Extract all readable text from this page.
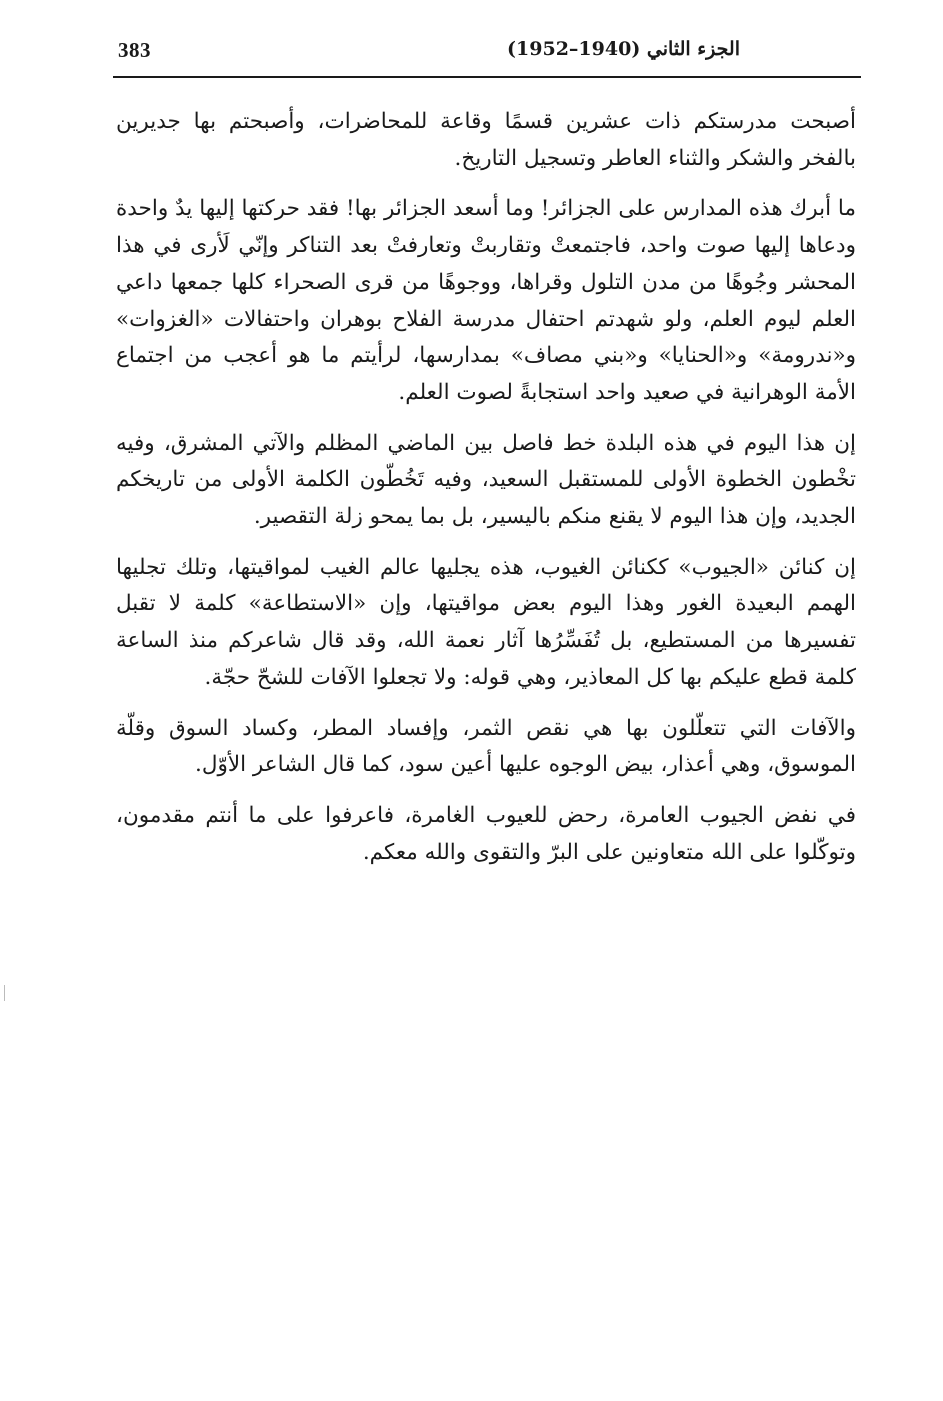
383	الجزء الثاني (1940–1952)

أصبحت مدرستكم ذات عشرين قسمًا وقاعة للمحاضرات، وأصبحتم بها جديرين بالفخر والشكر والثناء العاطر وتسجيل التاريخ.

ما أبرك هذه المدارس على الجزائر! وما أسعد الجزائر بها! فقد حركتها إليها يدٌ واحدة ودعاها إليها صوت واحد، فاجتمعتْ وتقاربتْ وتعارفتْ بعد التناكر وإنّي لَأرى في هذا المحشر وجُوهًا من مدن التلول وقراها، ووجوهًا من قرى الصحراء كلها جمعها داعي العلم ليوم العلم، ولو شهدتم احتفال مدرسة الفلاح بوهران واحتفالات «الغزوات» و«ندرومة» و«الحنايا» و«بني مصاف» بمدارسها، لرأيتم ما هو أعجب من اجتماع الأمة الوهرانية في صعيد واحد استجابةً لصوت العلم.

إن هذا اليوم في هذه البلدة خط فاصل بين الماضي المظلم والآتي المشرق، وفيه تخْطون الخطوة الأولى للمستقبل السعيد، وفيه تَخُطّون الكلمة الأولى من تاريخكم الجديد، وإن هذا اليوم لا يقنع منكم باليسير، بل بما يمحو زلة التقصير.

إن كنائن «الجيوب» ككنائن الغيوب، هذه يجليها عالم الغيب لمواقيتها، وتلك تجليها الهمم البعيدة الغور وهذا اليوم بعض مواقيتها، وإن «الاستطاعة» كلمة لا تقبل تفسيرها من المستطيع، بل تُفَسِّرُها آثار نعمة الله، وقد قال شاعركم منذ الساعة كلمة قطع عليكم بها كل المعاذير، وهي قوله: ولا تجعلوا الآفات للشحّ حجّة.

والآفات التي تتعلّلون بها هي نقص الثمر، وإفساد المطر، وكساد السوق وقلّة الموسوق، وهي أعذار، بيض الوجوه عليها أعين سود، كما قال الشاعر الأوّل.

في نفض الجيوب العامرة، رحض للعيوب الغامرة، فاعرفوا على ما أنتم مقدمون، وتوكّلوا على الله متعاونين على البرّ والتقوى والله معكم.
